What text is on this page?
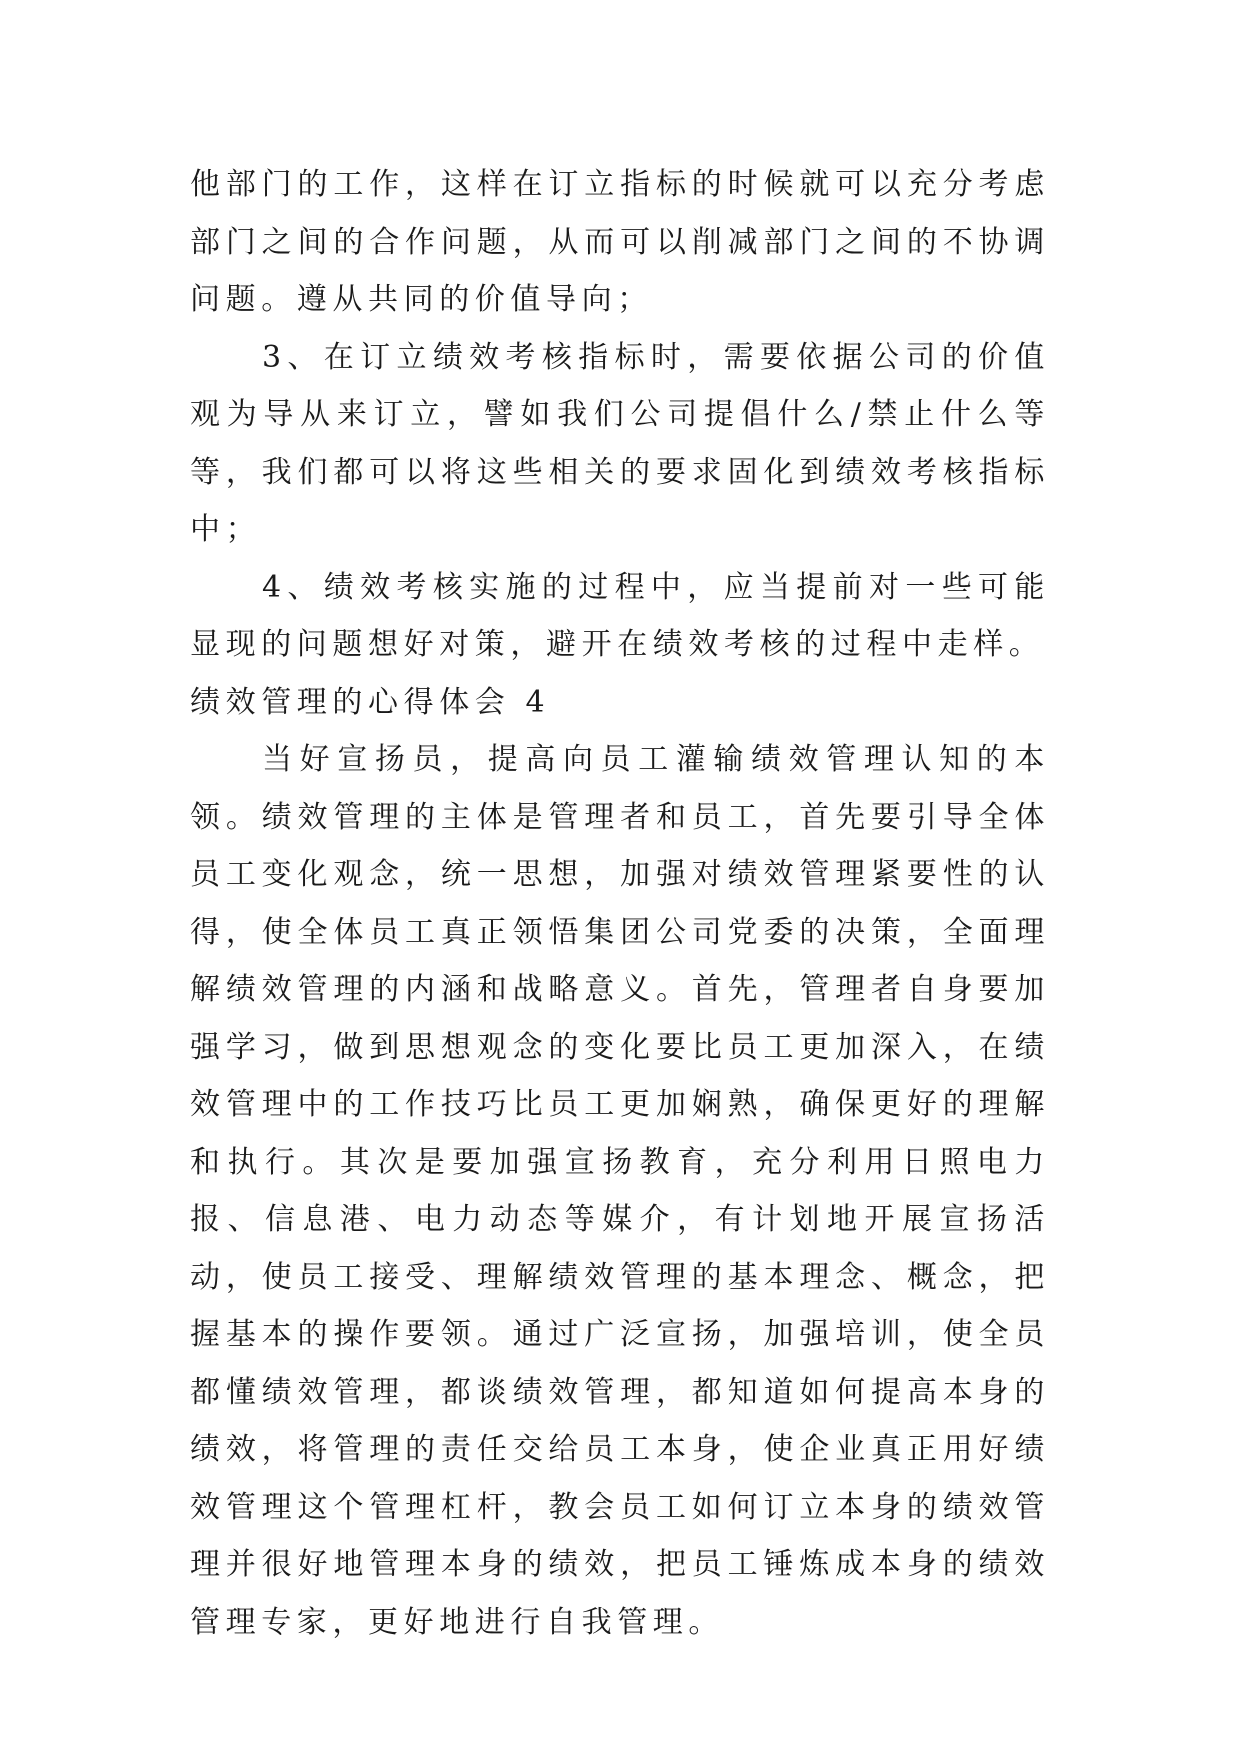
他部门的工作，这样在订立指标的时候就可以充分考虑部门之间的合作问题，从而可以削减部门之间的不协调问题。遵从共同的价值导向；

3、在订立绩效考核指标时，需要依据公司的价值观为导从来订立，譬如我们公司提倡什么/禁止什么等等，我们都可以将这些相关的要求固化到绩效考核指标中；

4、绩效考核实施的过程中，应当提前对一些可能显现的问题想好对策，避开在绩效考核的过程中走样。

绩效管理的心得体会 4

当好宣扬员，提高向员工灌输绩效管理认知的本领。绩效管理的主体是管理者和员工，首先要引导全体员工变化观念，统一思想，加强对绩效管理紧要性的认得，使全体员工真正领悟集团公司党委的决策，全面理解绩效管理的内涵和战略意义。首先，管理者自身要加强学习，做到思想观念的变化要比员工更加深入，在绩效管理中的工作技巧比员工更加娴熟，确保更好的理解和执行。其次是要加强宣扬教育，充分利用日照电力报、信息港、电力动态等媒介，有计划地开展宣扬活动，使员工接受、理解绩效管理的基本理念、概念，把握基本的操作要领。通过广泛宣扬，加强培训，使全员都懂绩效管理，都谈绩效管理，都知道如何提高本身的绩效，将管理的责任交给员工本身，使企业真正用好绩效管理这个管理杠杆，教会员工如何订立本身的绩效管理并很好地管理本身的绩效，把员工锤炼成本身的绩效管理专家，更好地进行自我管理。
